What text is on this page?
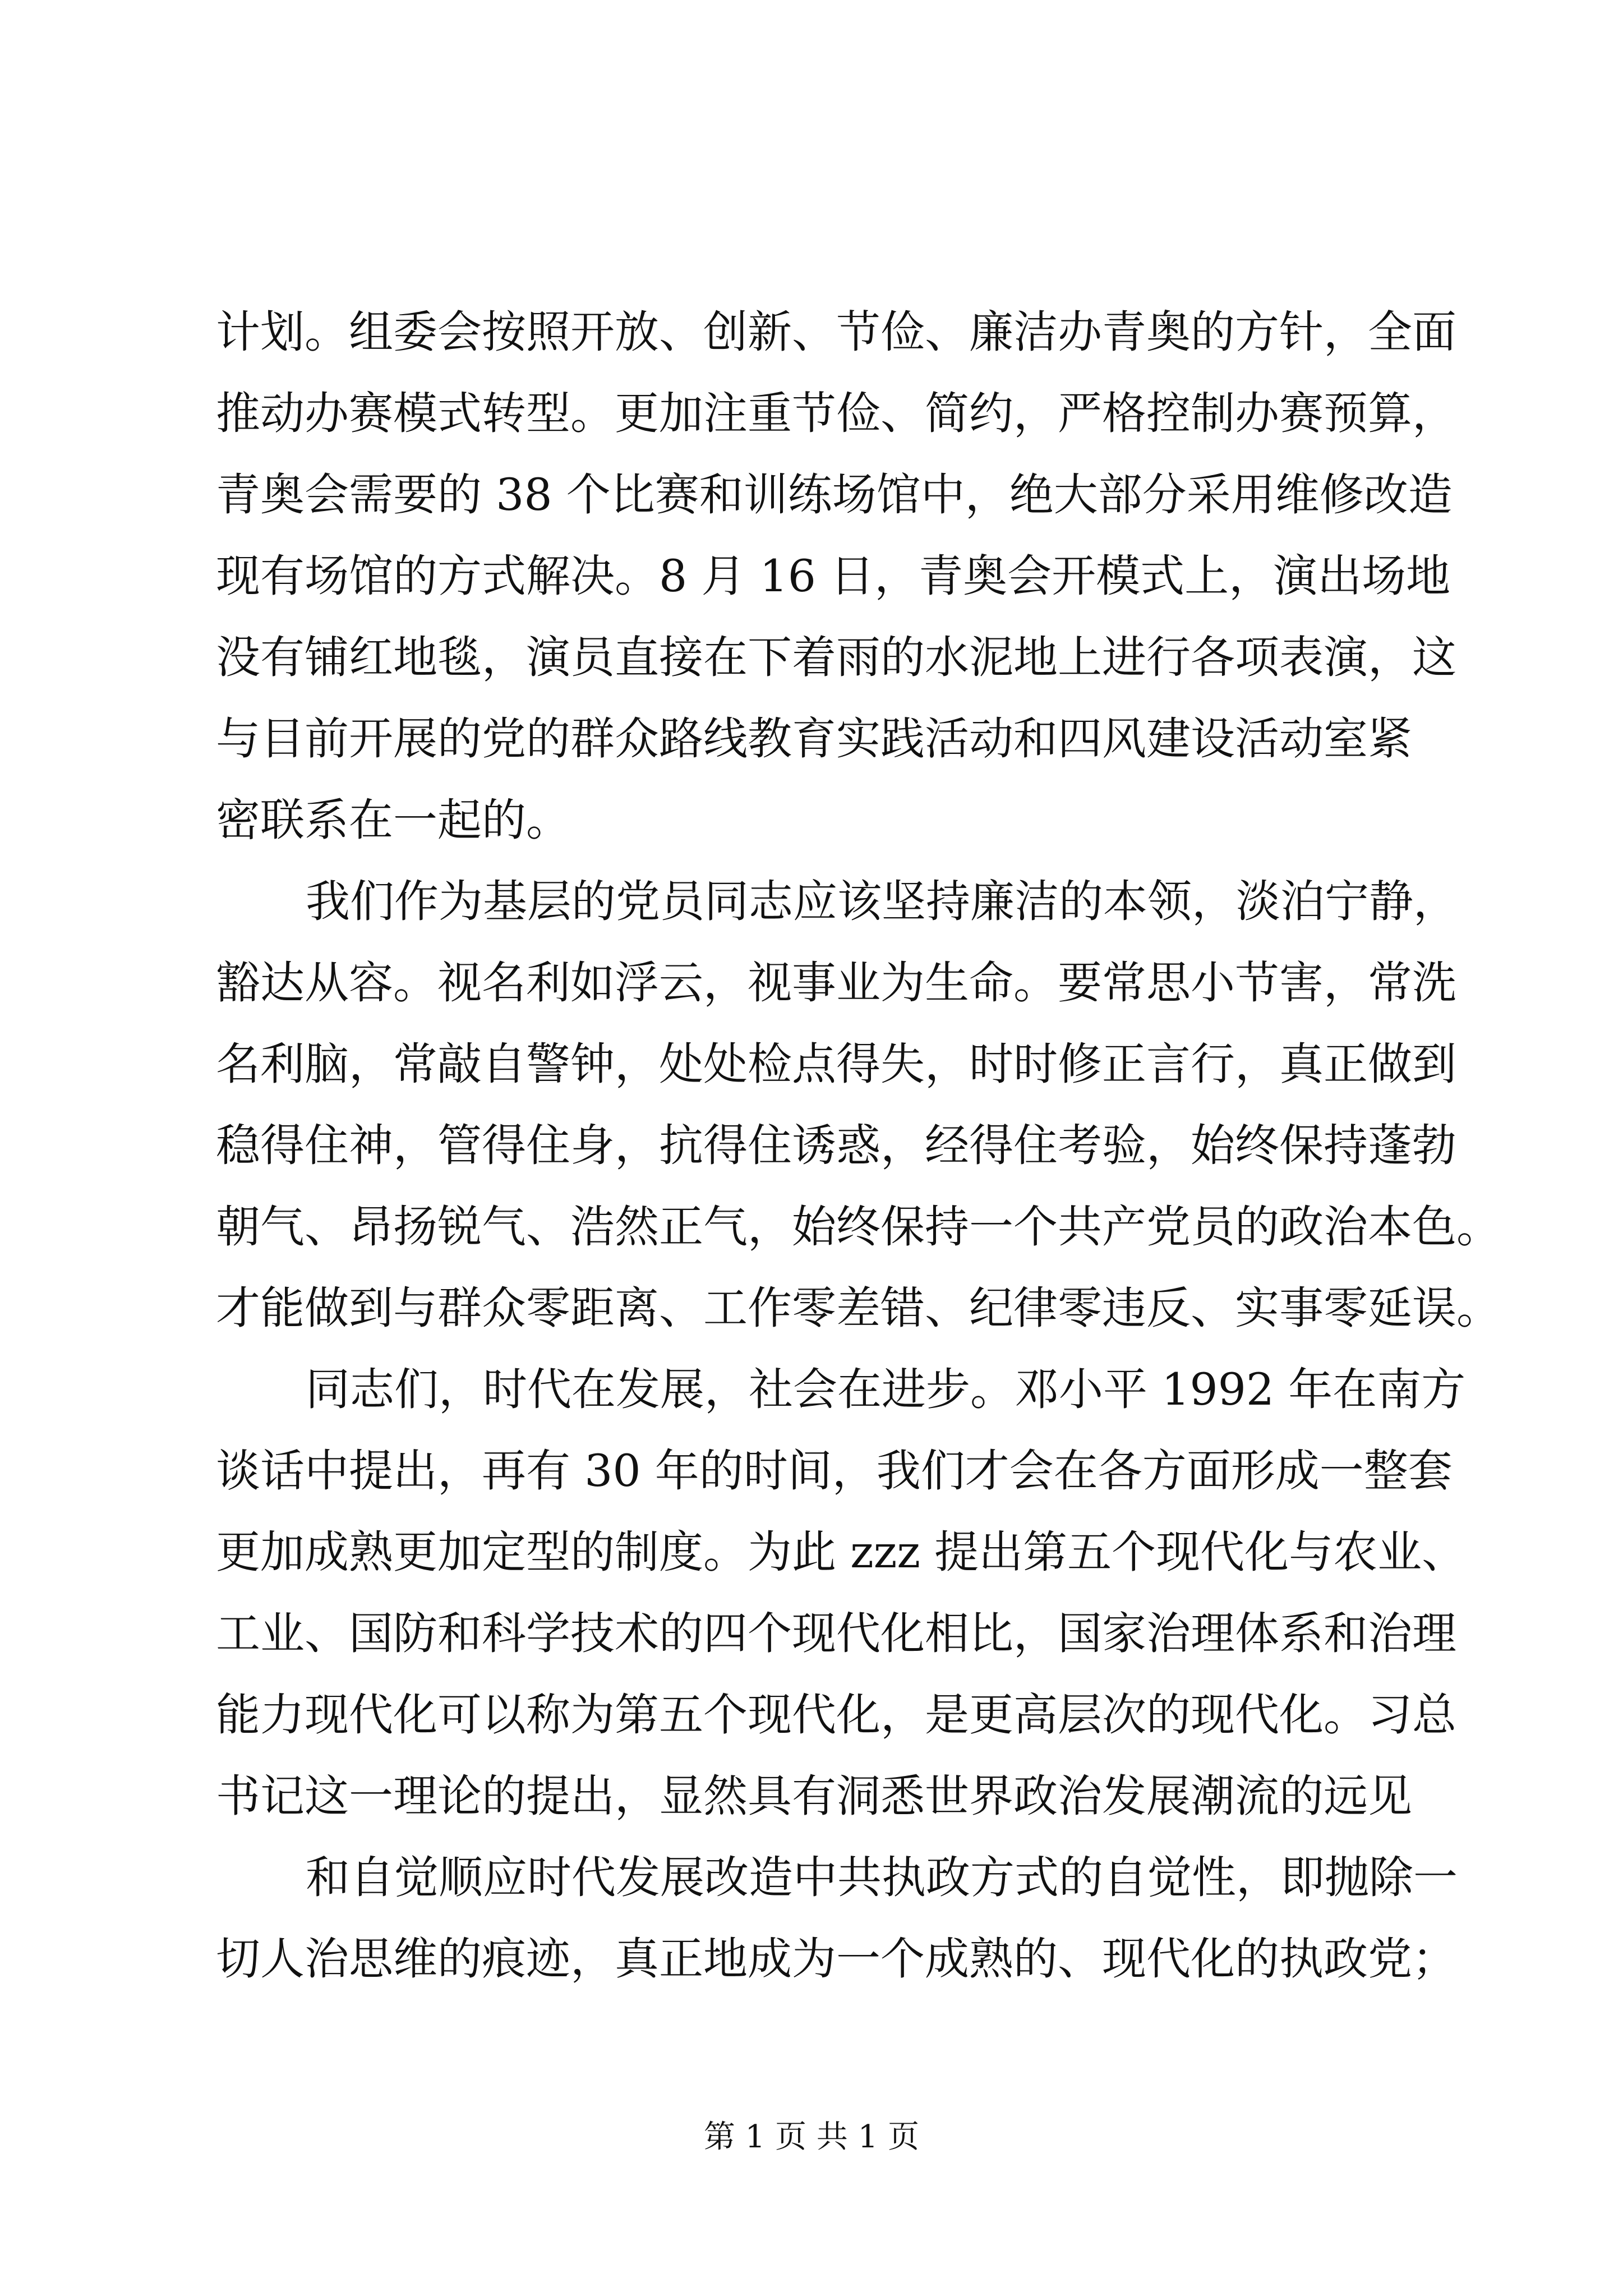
计划。组委会按照开放、创新、节俭、廉洁办青奥的方针，全面
推动办赛模式转型。更加注重节俭、简约，严格控制办赛预算，
青奥会需要的 38 个比赛和训练场馆中，绝大部分采用维修改造
现有场馆的方式解决。8 月 16 日，青奥会开模式上，演出场地
没有铺红地毯，演员直接在下着雨的水泥地上进行各项表演，这
与目前开展的党的群众路线教育实践活动和四风建设活动室紧
密联系在一起的。

我们作为基层的党员同志应该坚持廉洁的本领，淡泊宁静，
豁达从容。视名利如浮云，视事业为生命。要常思小节害，常洗
名利脑，常敲自警钟，处处检点得失，时时修正言行，真正做到
稳得住神，管得住身，抗得住诱惑，经得住考验，始终保持蓬勃
朝气、昂扬锐气、浩然正气，始终保持一个共产党员的政治本色。
才能做到与群众零距离、工作零差错、纪律零违反、实事零延误。

同志们，时代在发展，社会在进步。邓小平 1992 年在南方
谈话中提出，再有 30 年的时间，我们才会在各方面形成一整套
更加成熟更加定型的制度。为此 zzz 提出第五个现代化与农业、
工业、国防和科学技术的四个现代化相比，国家治理体系和治理
能力现代化可以称为第五个现代化，是更高层次的现代化。习总
书记这一理论的提出，显然具有洞悉世界政治发展潮流的远见

和自觉顺应时代发展改造中共执政方式的自觉性，即抛除一
切人治思维的痕迹，真正地成为一个成熟的、现代化的执政党；

第 1 页 共 1 页
